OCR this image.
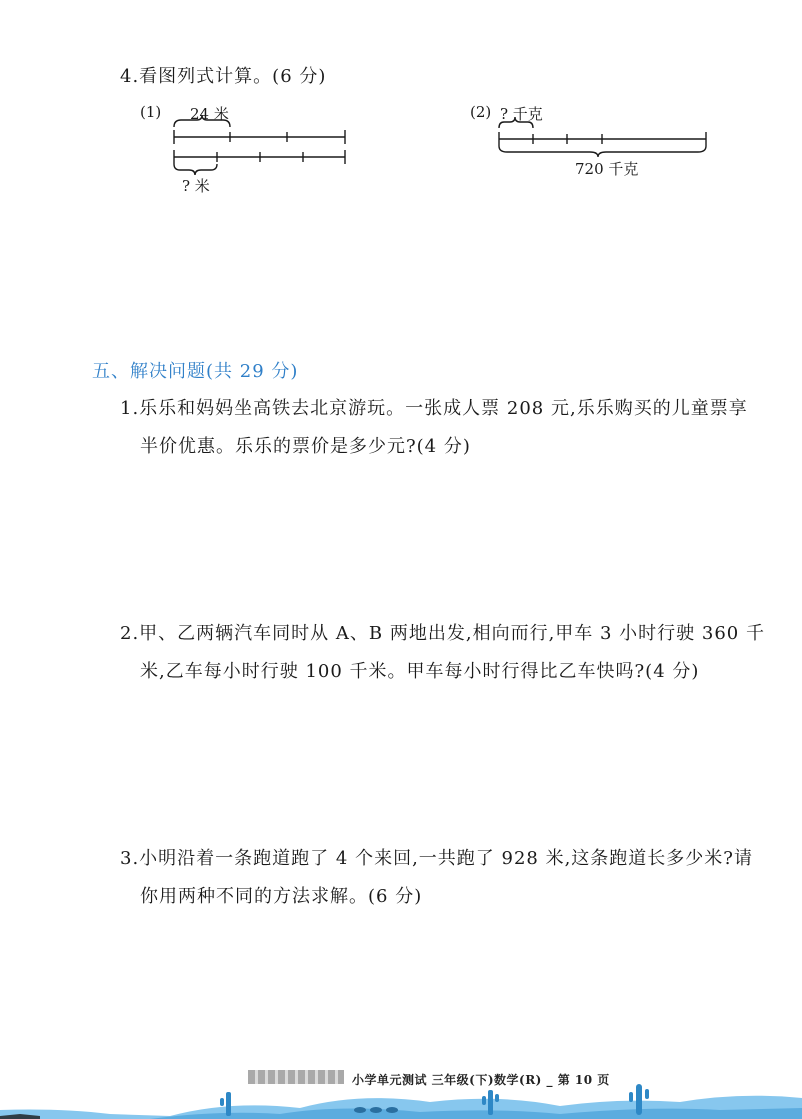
4.看图列式计算。(6 分)
(1) 24 米
? 米
(2) ? 千克
720 千克
五、解决问题(共 29 分)
1.乐乐和妈妈坐高铁去北京游玩。一张成人票 208 元,乐乐购买的儿童票享
半价优惠。乐乐的票价是多少元?(4 分)
2.甲、乙两辆汽车同时从 A、B 两地出发,相向而行,甲车 3 小时行驶 360 千
米,乙车每小时行驶 100 千米。甲车每小时行得比乙车快吗?(4 分)
3.小明沿着一条跑道跑了 4 个来回,一共跑了 928 米,这条跑道长多少米?请
你用两种不同的方法求解。(6 分)
小学单元测试 三年级(下)数学(R) _ 第 10 页
